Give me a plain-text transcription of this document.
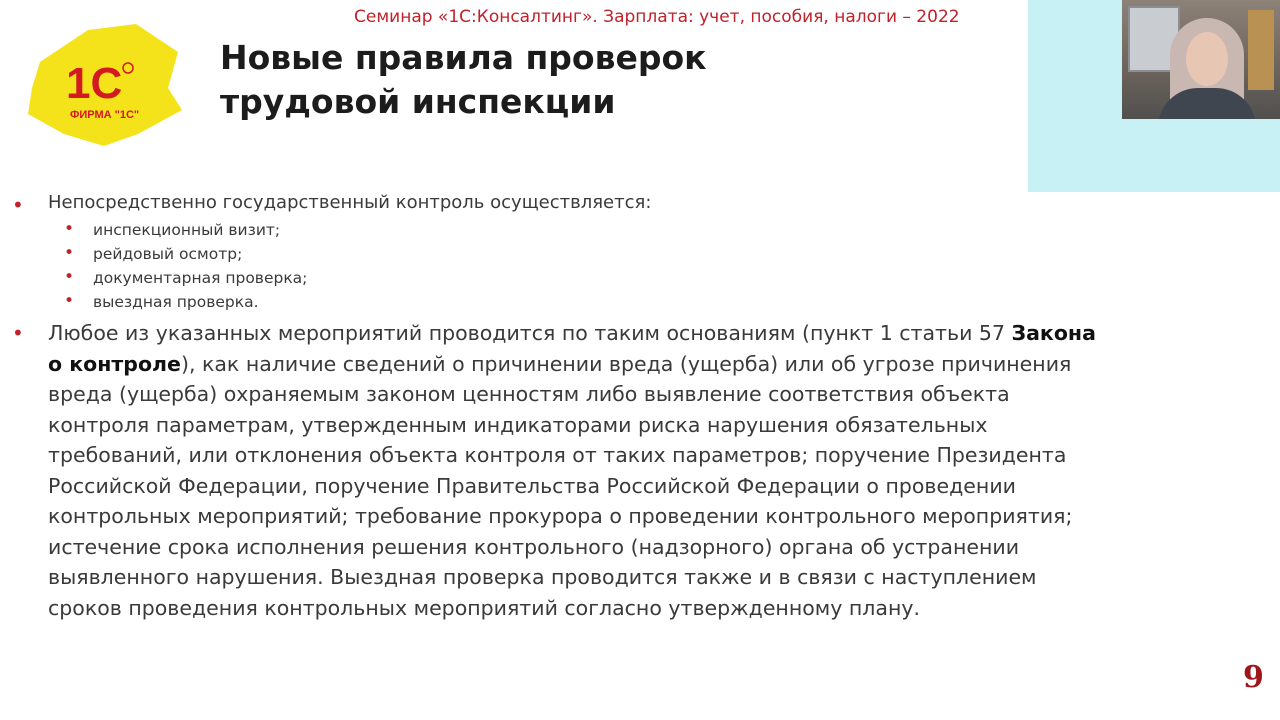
1С
ФИРМА "1С"

Семинар «1С:Консалтинг». Зарплата: учет, пособия, налоги – 2022

Новые правила проверок
трудовой инспекции
• Непосредственно государственный контроль осуществляется:

•
•
•
•
инспекционный визит;
рейдовый осмотр;
документарная проверка;
выездная проверка.
• Любое из указанных мероприятий проводится по таким основаниям (пункт 1 статьи 57 Закона
о контроле), как наличие сведений о причинении вреда (ущерба) или об угрозе причинения
вреда (ущерба) охраняемым законом ценностям либо выявление соответствия объекта
контроля параметрам, утвержденным индикаторами риска нарушения обязательных
требований, или отклонения объекта контроля от таких параметров; поручение Президента
Российской Федерации, поручение Правительства Российской Федерации о проведении
контрольных мероприятий; требование прокурора о проведении контрольного мероприятия;
истечение срока исполнения решения контрольного (надзорного) органа об устранении
выявленного нарушения. Выездная проверка проводится также и в связи с наступлением
сроков проведения контрольных мероприятий согласно утвержденному плану.

9
